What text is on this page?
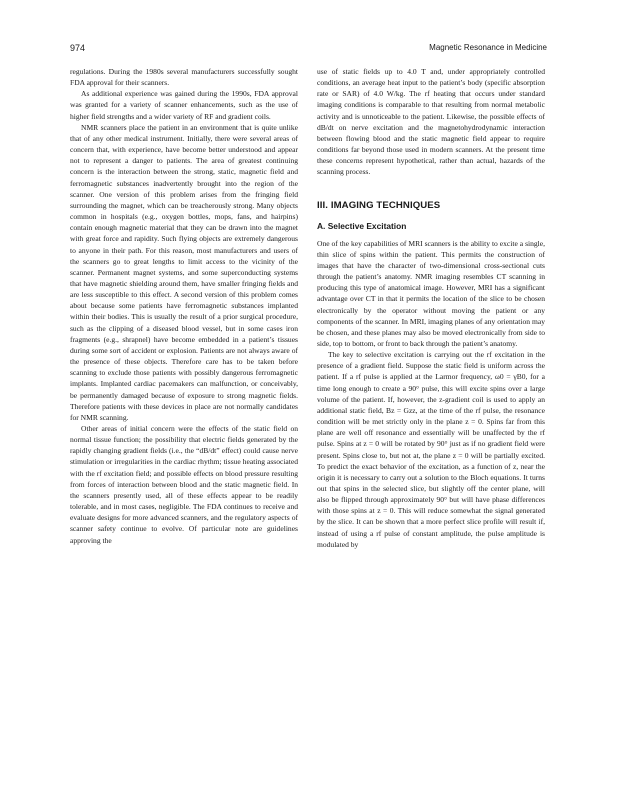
974	Magnetic Resonance in Medicine

regulations. During the 1980s several manufacturers successfully sought FDA approval for their scanners.

As additional experience was gained during the 1990s, FDA approval was granted for a variety of scanner enhancements, such as the use of higher field strengths and a wider variety of RF and gradient coils.

NMR scanners place the patient in an environment that is quite unlike that of any other medical instrument. Initially, there were several areas of concern that, with experience, have become better understood and appear not to represent a danger to patients. The area of greatest continuing concern is the interaction between the strong, static, magnetic field and ferromagnetic substances inadvertently brought into the region of the scanner. One version of this problem arises from the fringing field surrounding the magnet, which can be treacherously strong. Many objects common in hospitals (e.g., oxygen bottles, mops, fans, and hairpins) contain enough magnetic material that they can be drawn into the magnet with great force and rapidity. Such flying objects are extremely dangerous to anyone in their path. For this reason, most manufacturers and users of the scanners go to great lengths to limit access to the vicinity of the scanner. Permanent magnet systems, and some superconducting systems that have magnetic shielding around them, have smaller fringing fields and are less susceptible to this effect. A second version of this problem comes about because some patients have ferromagnetic substances implanted within their bodies. This is usually the result of a prior surgical procedure, such as the clipping of a diseased blood vessel, but in some cases iron fragments (e.g., shrapnel) have become embedded in a patient’s tissues during some sort of accident or explosion. Patients are not always aware of the presence of these objects. Therefore care has to be taken before scanning to exclude those patients with possibly dangerous ferromagnetic implants. Implanted cardiac pacemakers can malfunction, or conceivably, be permanently damaged because of exposure to strong magnetic fields. Therefore patients with these devices in place are not normally candidates for NMR scanning.

Other areas of initial concern were the effects of the static field on normal tissue function; the possibility that electric fields generated by the rapidly changing gradient fields (i.e., the “dB/dt” effect) could cause nerve stimulation or irregularities in the cardiac rhythm; tissue heating associated with the rf excitation field; and possible effects on blood pressure resulting from forces of interaction between blood and the static magnetic field. In the scanners presently used, all of these effects appear to be readily tolerable, and in most cases, negligible. The FDA continues to receive and evaluate designs for more advanced scanners, and the regulatory aspects of scanner safety continue to evolve. Of particular note are guidelines approving the

use of static fields up to 4.0 T and, under appropriately controlled conditions, an average heat input to the patient’s body (specific absorption rate or SAR) of 4.0 W/kg. The rf heating that occurs under standard imaging conditions is comparable to that resulting from normal metabolic activity and is unnoticeable to the patient. Likewise, the possible effects of dB/dt on nerve excitation and the magnetohydrodynamic interaction between flowing blood and the static magnetic field appear to require conditions far beyond those used in modern scanners. At the present time these concerns represent hypothetical, rather than actual, hazards of the scanning process.

III. IMAGING TECHNIQUES
A. Selective Excitation

One of the key capabilities of MRI scanners is the ability to excite a single, thin slice of spins within the patient. This permits the construction of images that have the character of two-dimensional cross-sectional cuts through the patient’s anatomy. NMR imaging resembles CT scanning in producing this type of anatomical image. However, MRI has a significant advantage over CT in that it permits the location of the slice to be chosen electronically by the operator without moving the patient or any components of the scanner. In MRI, imaging planes of any orientation may be chosen, and these planes may also be moved electronically from side to side, top to bottom, or front to back through the patient’s anatomy.

The key to selective excitation is carrying out the rf excitation in the presence of a gradient field. Suppose the static field is uniform across the patient. If a rf pulse is applied at the Larmor frequency, ω0 = γB0, for a time long enough to create a 90° pulse, this will excite spins over a large volume of the patient. If, however, the z-gradient coil is used to apply an additional static field, Bz = Gzz, at the time of the rf pulse, the resonance condition will be met strictly only in the plane z = 0. Spins far from this plane are well off resonance and essentially will be unaffected by the rf pulse. Spins at z = 0 will be rotated by 90° just as if no gradient field were present. Spins close to, but not at, the plane z = 0 will be partially excited. To predict the exact behavior of the excitation, as a function of z, near the origin it is necessary to carry out a solution to the Bloch equations. It turns out that spins in the selected slice, but slightly off the center plane, will also be flipped through approximately 90° but will have phase differences with those spins at z = 0. This will reduce somewhat the signal generated by the slice. It can be shown that a more perfect slice profile will result if, instead of using a rf pulse of constant amplitude, the pulse amplitude is modulated by
